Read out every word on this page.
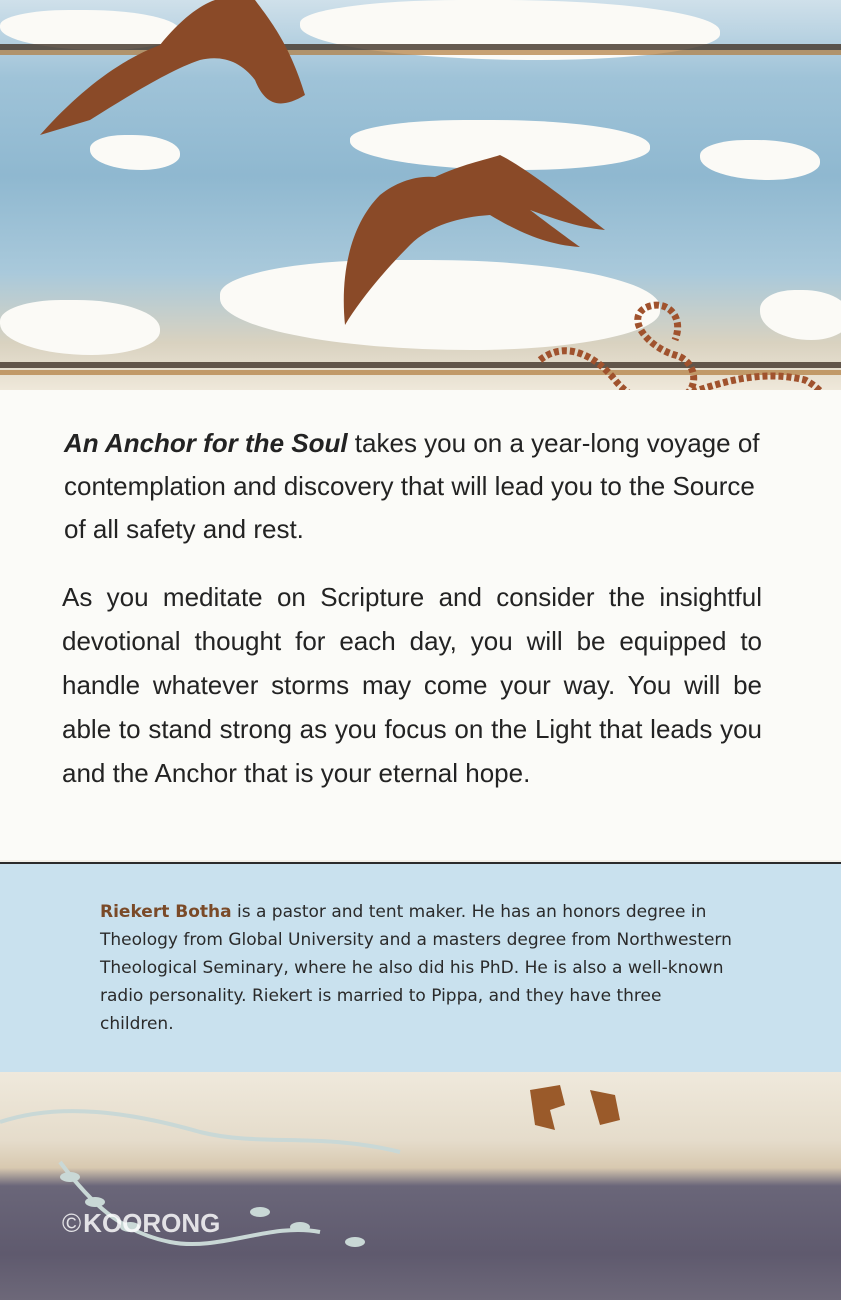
An Anchor for the Soul takes you on a year-long voyage of contemplation and discovery that will lead you to the Source of all safety and rest.

As you meditate on Scripture and consider the insightful devotional thought for each day, you will be equipped to handle whatever storms may come your way. You will be able to stand strong as you focus on the Light that leads you and the Anchor that is your eternal hope.

Riekert Botha is a pastor and tent maker. He has an honors degree in Theology from Global University and a masters degree from Northwestern Theological Seminary, where he also did his PhD. He is also a well-known radio personality. Riekert is married to Pippa, and they have three children.

©KOORONG
